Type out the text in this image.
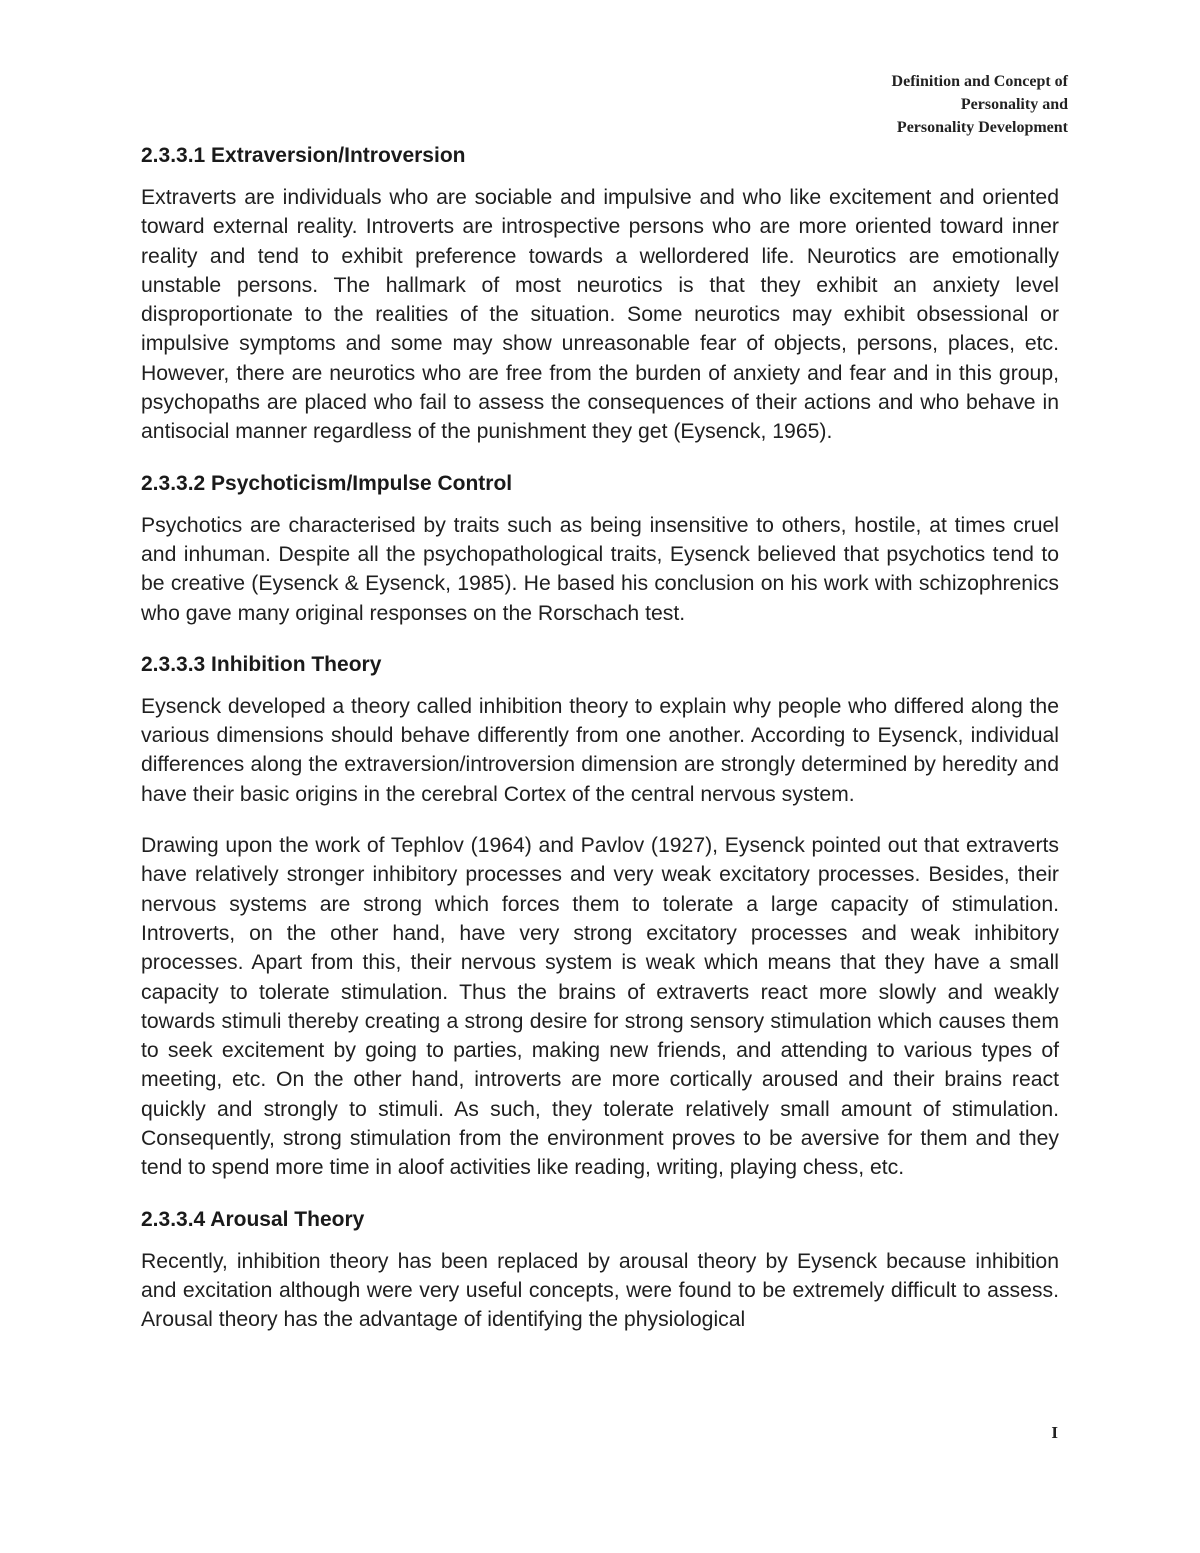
Definition and Concept of
Personality and
Personality Development
2.3.3.1 Extraversion/Introversion

Extraverts are individuals who are sociable and impulsive and who like excitement and oriented toward external reality. Introverts are introspective persons who are more oriented toward inner reality and tend to exhibit preference towards a wellordered life. Neurotics are emotionally unstable persons. The hallmark of most neurotics is that they exhibit an anxiety level disproportionate to the realities of the situation. Some neurotics may exhibit obsessional or impulsive symptoms and some may show unreasonable fear of objects, persons, places, etc. However, there are neurotics who are free from the burden of anxiety and fear and in this group, psychopaths are placed who fail to assess the consequences of their actions and who behave in antisocial manner regardless of the punishment they get (Eysenck, 1965).

2.3.3.2 Psychoticism/Impulse Control

Psychotics are characterised by traits such as being insensitive to others, hostile, at times cruel and inhuman. Despite all the psychopathological traits, Eysenck believed that psychotics tend to be creative (Eysenck & Eysenck, 1985). He based his conclusion on his work with schizophrenics who gave many original responses on the Rorschach test.

2.3.3.3 Inhibition Theory

Eysenck developed a theory called inhibition theory to explain why people who differed along the various dimensions should behave differently from one another. According to Eysenck, individual differences along the extraversion/introversion dimension are strongly determined by heredity and have their basic origins in the cerebral Cortex of the central nervous system.

Drawing upon the work of Tephlov (1964) and Pavlov (1927), Eysenck pointed out that extraverts have relatively stronger inhibitory processes and very weak excitatory processes. Besides, their nervous systems are strong which forces them to tolerate a large capacity of stimulation. Introverts, on the other hand, have very strong excitatory processes and weak inhibitory processes. Apart from this, their nervous system is weak which means that they have a small capacity to tolerate stimulation. Thus the brains of extraverts react more slowly and weakly towards stimuli thereby creating a strong desire for strong sensory stimulation which causes them to seek excitement by going to parties, making new friends, and attending to various types of meeting, etc. On the other hand, introverts are more cortically aroused and their brains react quickly and strongly to stimuli. As such, they tolerate relatively small amount of stimulation. Consequently, strong stimulation from the environment proves to be aversive for them and they tend to spend more time in aloof activities like reading, writing, playing chess, etc.

2.3.3.4 Arousal Theory

Recently, inhibition theory has been replaced by arousal theory by Eysenck because inhibition and excitation although were very useful concepts, were found to be extremely difficult to assess. Arousal theory has the advantage of identifying the physiological

I
